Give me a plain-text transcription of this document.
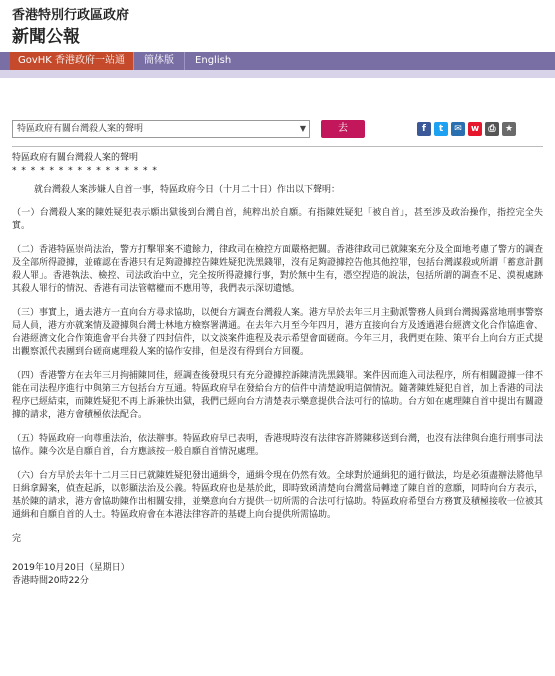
香港特別行政區政府
新聞公報
GovHK 香港政府一站通	簡体版	English
特區政府有關台灣殺人案的聲明	▼	去	f	t	✉	w	⎙	★

特區政府有關台灣殺人案的聲明

* * * * * * * * * * * * * * * *

就台灣殺人案涉嫌人自首一事，特區政府今日（十月二十日）作出以下聲明：

（一）台灣殺人案的陳姓疑犯表示願出獄後到台灣自首，純粹出於自願。有指陳姓疑犯「被自首」，甚至涉及政治操作，指控完全失實。

（二）香港特區崇尚法治，警方打擊罪案不遺餘力，律政司在檢控方面嚴格把關。香港律政司已就陳案充分及全面地考慮了警方的調查及全部所得證據，並確認在香港只有足夠證據控告陳姓疑犯洗黑錢罪，沒有足夠證據控告他其他控罪，包括台灣謀殺或所謂「蓄意計劃殺人罪」。香港執法、檢控、司法政治中立，完全按所得證據行事，對於無中生有，憑空捏造的說法，包括所謂的調查不足、漠視處跡其殺人罪行的情況、香港有司法管轄權而不應用等，我們表示深切遺憾。

（三）事實上，過去港方一直向台方尋求協助，以便台方調查台灣殺人案。港方早於去年三月主動派警務人員到台灣揭露當地刑事警察局人員，港方亦就案情及證據與台灣士林地方檢察署溝通。在去年六月至今年四月，港方直接向台方及透過港台經濟文化合作協進會、台港經濟文化合作策進會平台共發了四封信件，以文淡案件進程及表示希望會面磋商。今年三月，我們更在陸、策平台上向台方正式提出觀察派代表團到台磋商處理殺人案的協作安排，但是沒有得到台方回覆。

（四）香港警方在去年三月拘捕陳同佳，經調查後發現只有充分證據控訴陳清洗黑錢罪。案件因而進入司法程序，所有相關證據一律不能在司法程序進行中與第三方包括台方互通。特區政府早在發給台方的信件中清楚說明這個情況。隨著陳姓疑犯自首，加上香港的司法程序已經結束，而陳姓疑犯不再上訴兼快出獄，我們已經向台方清楚表示樂意提供合法可行的協助。台方如在處理陳自首中提出有關證據的請求，港方會積極依法配合。

（五）特區政府一向尊重法治，依法辦事。特區政府早已表明，香港現時沒有法律容許將陳移送到台灣，也沒有法律與台進行刑事司法協作。陳今次是自願自首，台方應該按一般自願自首情況處理。

（六）台方早於去年十二月三日已就陳姓疑犯發出通緝令，通緝令現在仍然有效。全球對於通緝犯的通行做法，均是必須盡辦法將他早日緝拿歸案，偵查起訴，以彰顯法治及公義。特區政府也是基於此，即時致函清楚向台灣當局轉達了陳自首的意願，同時向台方表示，基於陳的請求，港方會協助陳作出相關安排，並樂意向台方提供一切所需的合法可行協助。特區政府希望台方務實及積極接收一位被其通緝和自願自首的人士。特區政府會在本港法律容許的基礎上向台提供所需協助。

完

2019年10月20日（星期日）

香港時間20時22分
